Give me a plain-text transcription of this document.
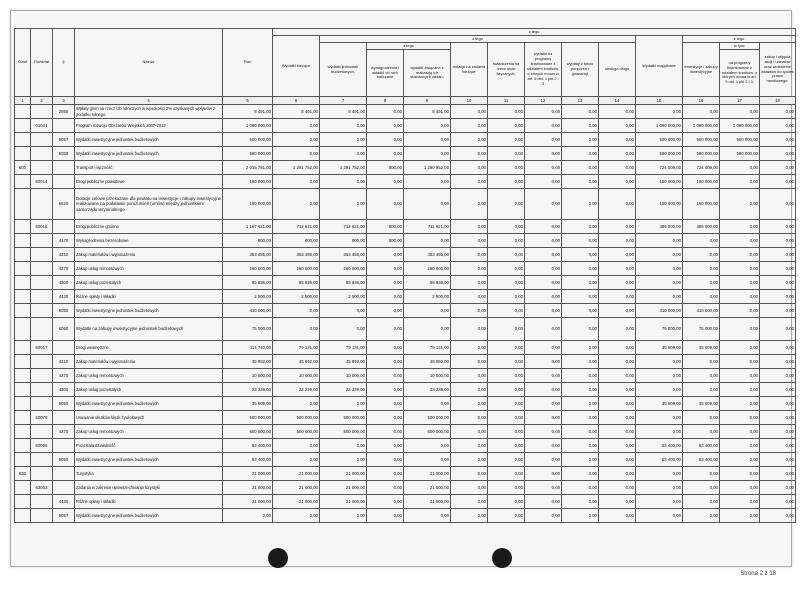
Dział	Rozdział	§	Nazwa	Plan	z tego												
					Wydatki bieżące	z tego								Wydatki majątkowe	z tego		
						wydatki jednostek budżetowych,	z tego		dotacje na zadania bieżące	świadczenia na rzecz osób fizycznych;	wydatki na programy finansowane z udziałem środków, o których mowa w art. 5 ust. 1 pkt 2 i 3	wypłaty z tytułu poręczeń i gwarancji	obsługa długu		inwestycje i zakupy inwestycyjne	w tym:	zakup i objęcie akcji i udziałów oraz wniesienie wkładów do spółek prawa handlowego.
							wynagrodzenia i składki od nich naliczane	wydatki związane z realizacją ich statutowych zadań;								na programy finansowane z udziałem środków, o których mowa w art. 5 ust. 1 pkt 2 i 3,	
1	2	3	4	5	6	7	8	9	10	11	12	13	14	15	16	17	18
		2850	Wpłaty gmin na rzecz izb rolniczych w wysokości 2% uzyskanych wpływów z podatku rolnego	8 491,00	8 491,00	8 491,00	0,00	8 491,00	0,00	0,00	0,00	0,00	0,00	0,00	0,00	0,00	0,00
	01041		Program rozwoju Obszarów Wiejskich 2007-2013	1 090 000,00	0,00	0,00	0,00	0,00	0,00	0,00	0,00	0,00	0,00	1 090 000,00	1 090 000,00	1 090 000,00	0,00
		6057	Wydatki inwestycyjne jednostek budżetowych	500 000,00	0,00	0,00	0,00	0,00	0,00	0,00	0,00	0,00	0,00	500 000,00	500 000,00	500 000,00	0,00
		6059	Wydatki inwestycyjne jednostek budżetowych	590 000,00	0,00	0,00	0,00	0,00	0,00	0,00	0,00	0,00	0,00	590 000,00	590 000,00	590 000,00	0,00
600			Transport i łączność	2 015 781,00	1 291 752,00	1 291 752,00	800,00	1 290 952,00	0,00	0,00	0,00	0,00	0,00	724 009,00	724 009,00	0,00	0,00
	60014		Drogi publiczne powiatowe	150 000,00	0,00	0,00	0,00	0,00	0,00	0,00	0,00	0,00	0,00	150 000,00	150 000,00	0,00	0,00
		6620	Dotacje celowe przekazane dla powiatu na inwestycje i zakupy inwestycyjne realizowane na podstawie porozumień (umów) między jednostkami samorządu terytorialnego	150 000,00	0,00	0,00	0,00	0,00	0,00	0,00	0,00	0,00	0,00	150 000,00	150 000,00	0,00	0,00
	60016		Drogi publiczne gminne	1 197 621,00	712 621,00	712 621,00	800,00	711 821,00	0,00	0,00	0,00	0,00	0,00	485 000,00	485 000,00	0,00	0,00
		4170	Wynagrodzenia bezosobowe	800,00	800,00	800,00	800,00	0,00	0,00	0,00	0,00	0,00	0,00	0,00	0,00	0,00	0,00
		4210	Zakup materiałów i wyposażenia	353 485,00	353 485,00	353 485,00	0,00	353 485,00	0,00	0,00	0,00	0,00	0,00	0,00	0,00	0,00	0,00
		4270	Zakup usług remontowych	260 000,00	260 000,00	260 000,00	0,00	260 000,00	0,00	0,00	0,00	0,00	0,00	0,00	0,00	0,00	0,00
		4300	Zakup usług pozostałych	95 836,00	95 836,00	95 836,00	0,00	95 836,00	0,00	0,00	0,00	0,00	0,00	0,00	0,00	0,00	0,00
		4430	Różne opłaty i składki	2 500,00	2 500,00	2 500,00	0,00	2 500,00	0,00	0,00	0,00	0,00	0,00	0,00	0,00	0,00	0,00
		6050	Wydatki inwestycyjne jednostek budżetowych	410 000,00	0,00	0,00	0,00	0,00	0,00	0,00	0,00	0,00	0,00	410 000,00	410 000,00	0,00	0,00
		6060	Wydatki na zakupy inwestycyjne jednostek budżetowych	75 000,00	0,00	0,00	0,00	0,00	0,00	0,00	0,00	0,00	0,00	75 000,00	75 000,00	0,00	0,00
	60017		Drogi wewnętrzne	114 740,00	79 131,00	79 131,00	0,00	79 131,00	0,00	0,00	0,00	0,00	0,00	35 609,00	35 609,00	0,00	0,00
		4210	Zakup materiałów i wyposażenia	45 892,00	45 892,00	45 892,00	0,00	45 892,00	0,00	0,00	0,00	0,00	0,00	0,00	0,00	0,00	0,00
		4270	Zakup usług remontowych	10 000,00	10 000,00	10 000,00	0,00	10 000,00	0,00	0,00	0,00	0,00	0,00	0,00	0,00	0,00	0,00
		4300	Zakup usług pozostałych	23 239,00	23 239,00	23 239,00	0,00	23 239,00	0,00	0,00	0,00	0,00	0,00	0,00	0,00	0,00	0,00
		6050	Wydatki inwestycyjne jednostek budżetowych	35 609,00	0,00	0,00	0,00	0,00	0,00	0,00	0,00	0,00	0,00	35 609,00	35 609,00	0,00	0,00
	60078		Usuwanie skutków klęsk żywiołowych	500 000,00	500 000,00	500 000,00	0,00	500 000,00	0,00	0,00	0,00	0,00	0,00	0,00	0,00	0,00	0,00
		4270	Zakup usług remontowych	500 000,00	500 000,00	500 000,00	0,00	500 000,00	0,00	0,00	0,00	0,00	0,00	0,00	0,00	0,00	0,00
	60095		Pozostała działalność	53 400,00	0,00	0,00	0,00	0,00	0,00	0,00	0,00	0,00	0,00	53 400,00	53 400,00	0,00	0,00
		6050	Wydatki inwestycyjne jednostek budżetowych	53 400,00	0,00	0,00	0,00	0,00	0,00	0,00	0,00	0,00	0,00	53 400,00	53 400,00	0,00	0,00
630			Turystyka	21 000,00	21 000,00	21 000,00	0,00	21 000,00	0,00	0,00	0,00	0,00	0,00	0,00	0,00	0,00	0,00
	63003		Zadania w zakresie upowszechniania turystyki	21 000,00	21 000,00	21 000,00	0,00	21 000,00	0,00	0,00	0,00	0,00	0,00	0,00	0,00	0,00	0,00
		4430	Różne opłaty i składki	21 000,00	21 000,00	21 000,00	0,00	21 000,00	0,00	0,00	0,00	0,00	0,00	0,00	0,00	0,00	0,00
		6057	Wydatki inwestycyjne jednostek budżetowych	0,00	0,00	0,00	0,00	0,00	0,00	0,00	0,00	0,00	0,00	0,00	0,00	0,00	0,00
Strona 2 z 18
